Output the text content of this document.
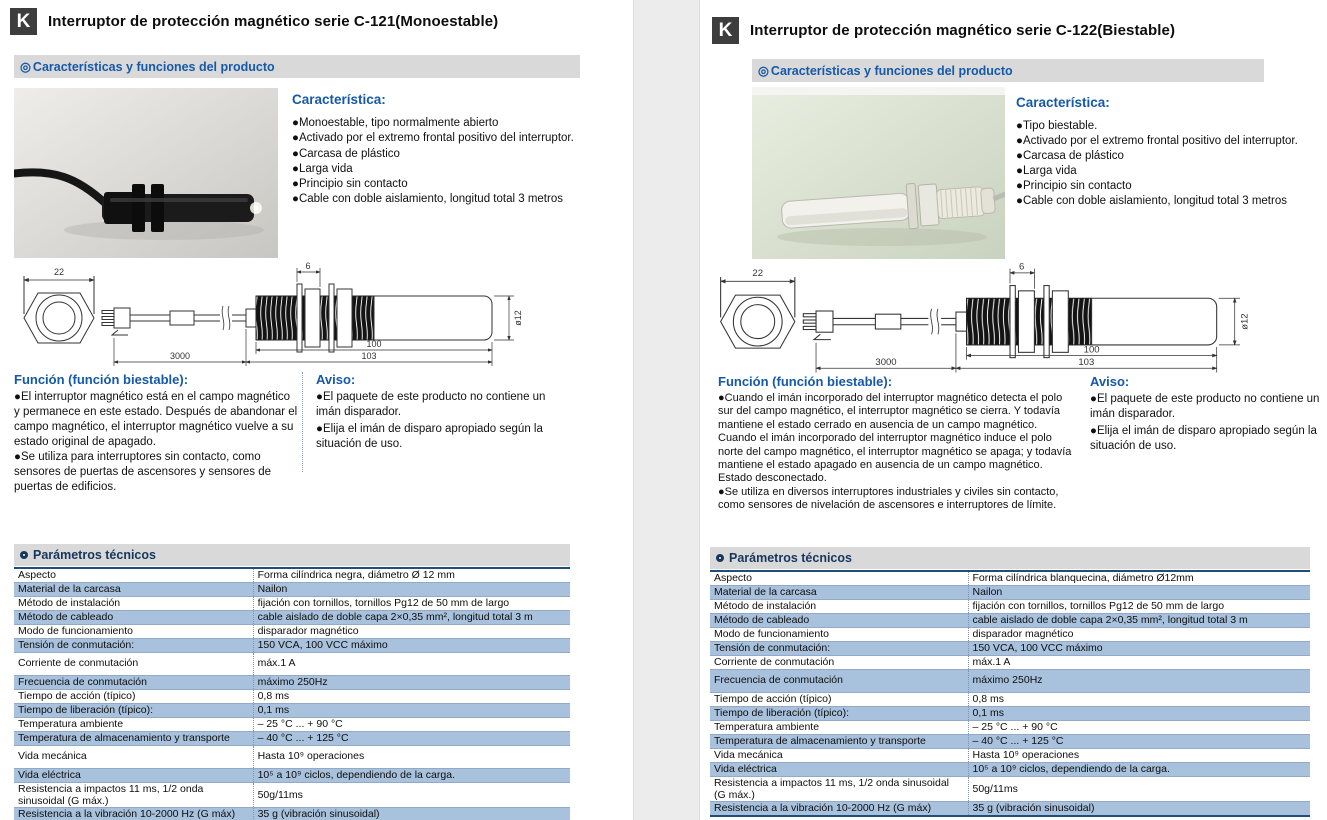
K	Interruptor de protección magnético serie C-121(Monoestable)
◎ Características y funciones del producto
Característica:
●Monoestable, tipo normalmente abierto
●Activado por el extremo frontal positivo del interruptor.
●Carcasa de plástico
●Larga vida
●Principio sin contacto
●Cable con doble aislamiento, longitud total 3 metros
22
6
ø12
100
103
3000
Función (función biestable):
●El interruptor magnético está en el campo magnético y permanece en este estado. Después de abandonar el campo magnético, el interruptor magnético vuelve a su estado original de apagado.
●Se utiliza para interruptores sin contacto, como sensores de puertas de ascensores y sensores de puertas de edificios.
Aviso:
●El paquete de este producto no contiene un imán disparador.
●Elija el imán de disparo apropiado según la situación de uso.
Parámetros técnicos
Aspecto	Forma cilíndrica negra, diámetro Ø 12 mm
Material de la carcasa	Nailon
Método de instalación	fijación con tornillos, tornillos Pg12 de 50 mm de largo
Método de cableado	cable aislado de doble capa 2×0,35 mm², longitud total 3 m
Modo de funcionamiento	disparador magnético
Tensión de conmutación:	150 VCA, 100 VCC máximo
Corriente de conmutación	máx.1 A
Frecuencia de conmutación	máximo 250Hz
Tiempo de acción (típico)	0,8 ms
Tiempo de liberación (típico):	0,1 ms
Temperatura ambiente	– 25 °C ... + 90 °C
Temperatura de almacenamiento y transporte	– 40 °C ... + 125 °C
Vida mecánica	Hasta 10⁹ operaciones
Vida eléctrica	10⁵ a 10⁹ ciclos, dependiendo de la carga.
Resistencia a impactos 11 ms, 1/2 onda sinusoidal (G máx.)	50g/11ms
Resistencia a la vibración 10-2000 Hz (G máx)	35 g (vibración sinusoidal)
K	Interruptor de protección magnético serie C-122(Biestable)
◎ Características y funciones del producto
Característica:
●Tipo biestable.
●Activado por el extremo frontal positivo del interruptor.
●Carcasa de plástico
●Larga vida
●Principio sin contacto
●Cable con doble aislamiento, longitud total 3 metros
22
6
ø12
100
103
3000
Función (función biestable):
●Cuando el imán incorporado del interruptor magnético detecta el polo sur del campo magnético, el interruptor magnético se cierra. Y todavía mantiene el estado cerrado en ausencia de un campo magnético. Cuando el imán incorporado del interruptor magnético induce el polo norte del campo magnético, el interruptor magnético se apaga; y todavía mantiene el estado apagado en ausencia de un campo magnético.
Estado desconectado.
●Se utiliza en diversos interruptores industriales y civiles sin contacto, como sensores de nivelación de ascensores e interruptores de límite.
Aviso:
●El paquete de este producto no contiene un imán disparador.
●Elija el imán de disparo apropiado según la situación de uso.
Parámetros técnicos
Aspecto	Forma cilíndrica blanquecina, diámetro Ø12mm
Material de la carcasa	Nailon
Método de instalación	fijación con tornillos, tornillos Pg12 de 50 mm de largo
Método de cableado	cable aislado de doble capa 2×0,35 mm², longitud total 3 m
Modo de funcionamiento	disparador magnético
Tensión de conmutación:	150 VCA, 100 VCC máximo
Corriente de conmutación	máx.1 A
Frecuencia de conmutación	máximo 250Hz
Tiempo de acción (típico)	0,8 ms
Tiempo de liberación (típico):	0,1 ms
Temperatura ambiente	– 25 °C ... + 90 °C
Temperatura de almacenamiento y transporte	– 40 °C ... + 125 °C
Vida mecánica	Hasta 10⁹ operaciones
Vida eléctrica	10⁵ a 10⁹ ciclos, dependiendo de la carga.
Resistencia a impactos 11 ms, 1/2 onda sinusoidal (G máx.)	50g/11ms
Resistencia a la vibración 10-2000 Hz (G máx)	35 g (vibración sinusoidal)
